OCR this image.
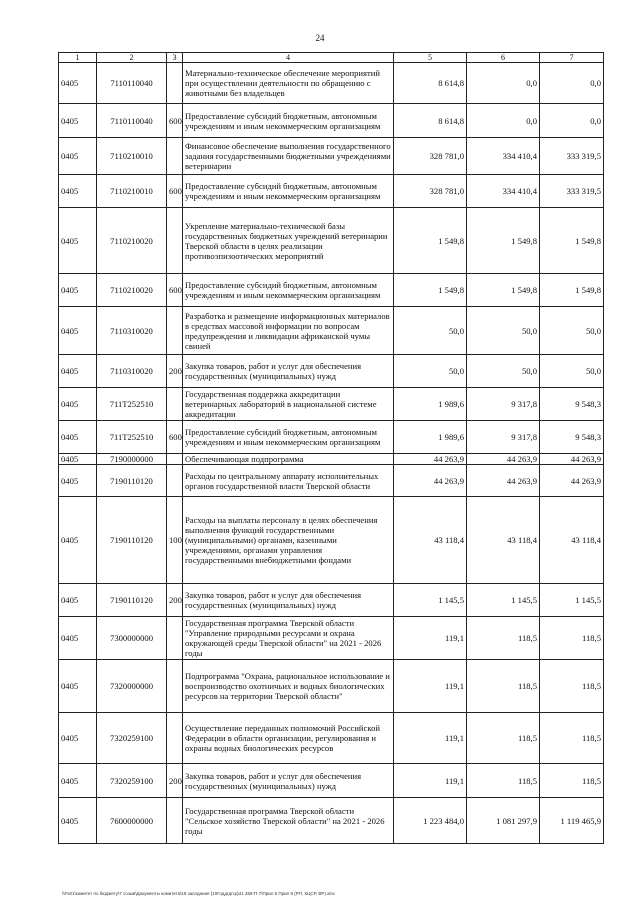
24
1	2	3	4	5	6	7
0405	7110110040		Материально-техническое обеспечение мероприятий при осуществлении деятельности по обращению с животными без владельцев	8 614,8	0,0	0,0
0405	7110110040	600	Предоставление субсидий бюджетным, автономным учреждениям и иным некоммерческим организациям	8 614,8	0,0	0,0
0405	7110210010		Финансовое обеспечение выполнения государственного задания государственными бюджетными учреждениями ветеринарии	328 781,0	334 410,4	333 319,5
0405	7110210010	600	Предоставление субсидий бюджетным, автономным учреждениям и иным некоммерческим организациям	328 781,0	334 410,4	333 319,5
0405	7110210020		Укрепление материально-технической базы государственных бюджетных учреждений ветеринарии Тверской области в целях реализации противоэпизоотических мероприятий	1 549,8	1 549,8	1 549,8
0405	7110210020	600	Предоставление субсидий бюджетным, автономным учреждениям и иным некоммерческим организациям	1 549,8	1 549,8	1 549,8
0405	7110310020		Разработка и размещение информационных материалов в средствах массовой информации по вопросам предупреждения и ликвидации африканской чумы свиней	50,0	50,0	50,0
0405	7110310020	200	Закупка товаров, работ и услуг для обеспечения государственных (муниципальных) нужд	50,0	50,0	50,0
0405	711Т252510		Государственная поддержка аккредитации ветеринарных лабораторий в национальной системе аккредитации	1 989,6	9 317,8	9 548,3
0405	711Т252510	600	Предоставление субсидий бюджетным, автономным учреждениям и иным некоммерческим организациям	1 989,6	9 317,8	9 548,3
0405	7190000000		Обеспечивающая подпрограмма	44 263,9	44 263,9	44 263,9
0405	7190110120		Расходы по центральному аппарату исполнительных органов государственной власти Тверской области	44 263,9	44 263,9	44 263,9
0405	7190110120	100	Расходы на выплаты персоналу в целях обеспечения выполнения функций государственными (муниципальными) органами, казенными учреждениями, органами управления государственными внебюджетными фондами	43 118,4	43 118,4	43 118,4
0405	7190110120	200	Закупка товаров, работ и услуг для обеспечения государственных (муниципальных) нужд	1 145,5	1 145,5	1 145,5
0405	7300000000		Государственная программа Тверской области "Управление природными ресурсами и охрана окружающей среды Тверской области" на 2021 - 2026 годы	119,1	118,5	118,5
0405	7320000000		Подпрограмма "Охрана, рациональное использование и воспроизводство охотничьих и водных биологических ресурсов на территории Тверской области"	119,1	118,5	118,5
0405	7320259100		Осуществление переданных полномочий Российской Федерации в области организации, регулирования и охраны водных биологических ресурсов	119,1	118,5	118,5
0405	7320259100	200	Закупка товаров, работ и услуг для обеспечения государственных (муниципальных) нужд	119,1	118,5	118,5
0405	7600000000		Государственная программа Тверской области "Сельское хозяйство Тверской области" на 2021 - 2026 годы	1 223 484,0	1 081 297,9	1 119 465,9
\\Fs01\комитет по бюджету\7 созыв\Документы комитета\18 заседание (10Годдгдгсд\41 265-П-7\Прил 6 Прил 8 (РП, КЦСР, ВР).xlsx
